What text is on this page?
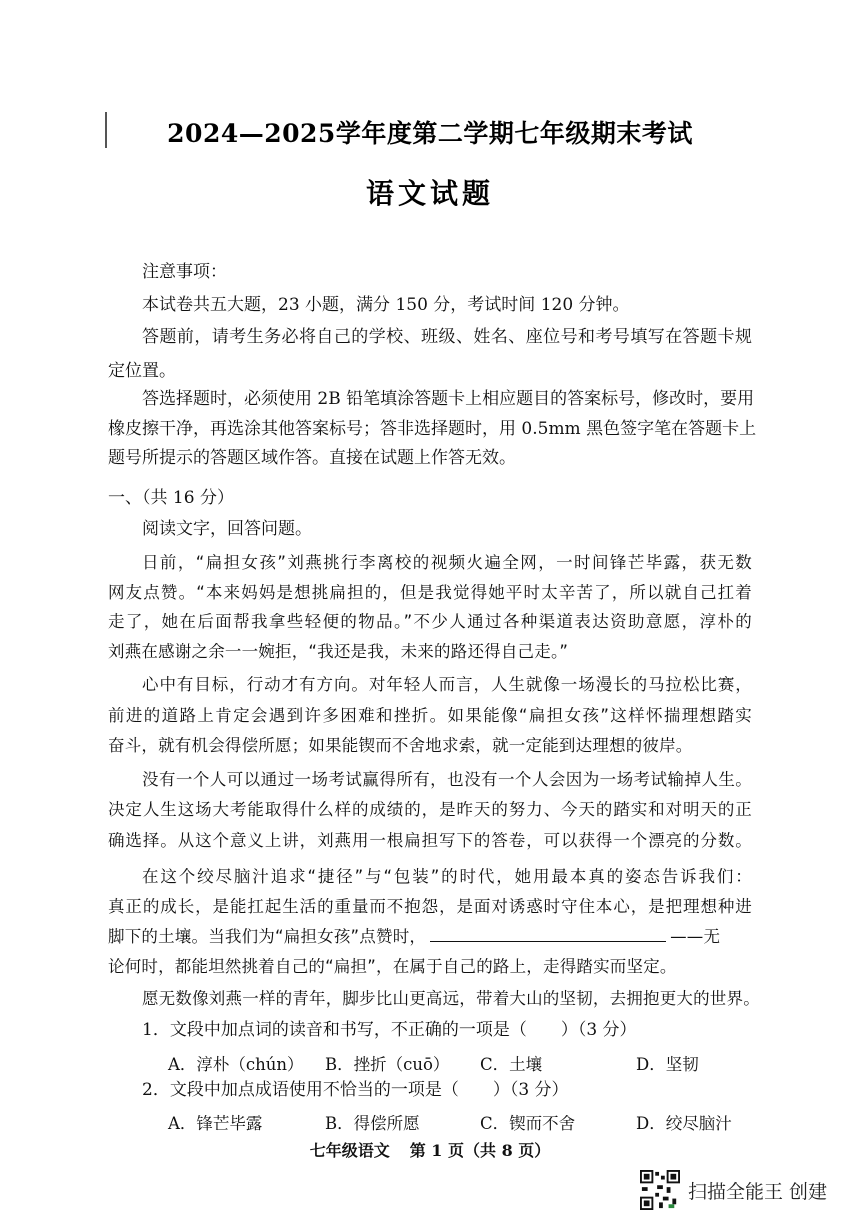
2024—2025学年度第二学期七年级期末考试
语文试题
注意事项：
本试卷共五大题，23 小题，满分 150 分，考试时间 120 分钟。
答题前，请考生务必将自己的学校、班级、姓名、座位号和考号填写在答题卡规
定位置。
答选择题时，必须使用 2B 铅笔填涂答题卡上相应题目的答案标号，修改时，要用
橡皮擦干净，再选涂其他答案标号；答非选择题时，用 0.5mm 黑色签字笔在答题卡上
题号所提示的答题区域作答。直接在试题上作答无效。
一、（共 16 分）
阅读文字，回答问题。
日前，“扁担女孩”刘燕挑行李离校的视频火遍全网，一时间锋芒毕露，获无数
网友点赞。“本来妈妈是想挑扁担的，但是我觉得她平时太辛苦了，所以就自己扛着
走了，她在后面帮我拿些轻便的物品。”不少人通过各种渠道表达资助意愿，淳朴的
刘燕在感谢之余一一婉拒，“我还是我，未来的路还得自己走。”
心中有目标，行动才有方向。对年轻人而言，人生就像一场漫长的马拉松比赛，
前进的道路上肯定会遇到许多困难和挫折。如果能像“扁担女孩”这样怀揣理想踏实
奋斗，就有机会得偿所愿；如果能锲而不舍地求索，就一定能到达理想的彼岸。
没有一个人可以通过一场考试赢得所有，也没有一个人会因为一场考试输掉人生。
决定人生这场大考能取得什么样的成绩的，是昨天的努力、今天的踏实和对明天的正
确选择。从这个意义上讲，刘燕用一根扁担写下的答卷，可以获得一个漂亮的分数。
在这个绞尽脑汁追求“捷径”与“包装”的时代，她用最本真的姿态告诉我们：
真正的成长，是能扛起生活的重量而不抱怨，是面对诱惑时守住本心，是把理想种进
脚下的土壤。当我们为“扁担女孩”点赞时，	——无
论何时，都能坦然挑着自己的“扁担”，在属于自己的路上，走得踏实而坚定。
愿无数像刘燕一样的青年，脚步比山更高远，带着大山的坚韧，去拥抱更大的世界。
1．文段中加点词的读音和书写，不正确的一项是（　　）（3 分）
A．淳朴（chún） B．挫折（cuō） C．土壤	D．坚韧
2．文段中加点成语使用不恰当的一项是（　　）（3 分）
A．锋芒毕露	B．得偿所愿	C．锲而不舍	D．绞尽脑汁
七年级语文 第 1 页（共 8 页）
扫描全能王 创建
